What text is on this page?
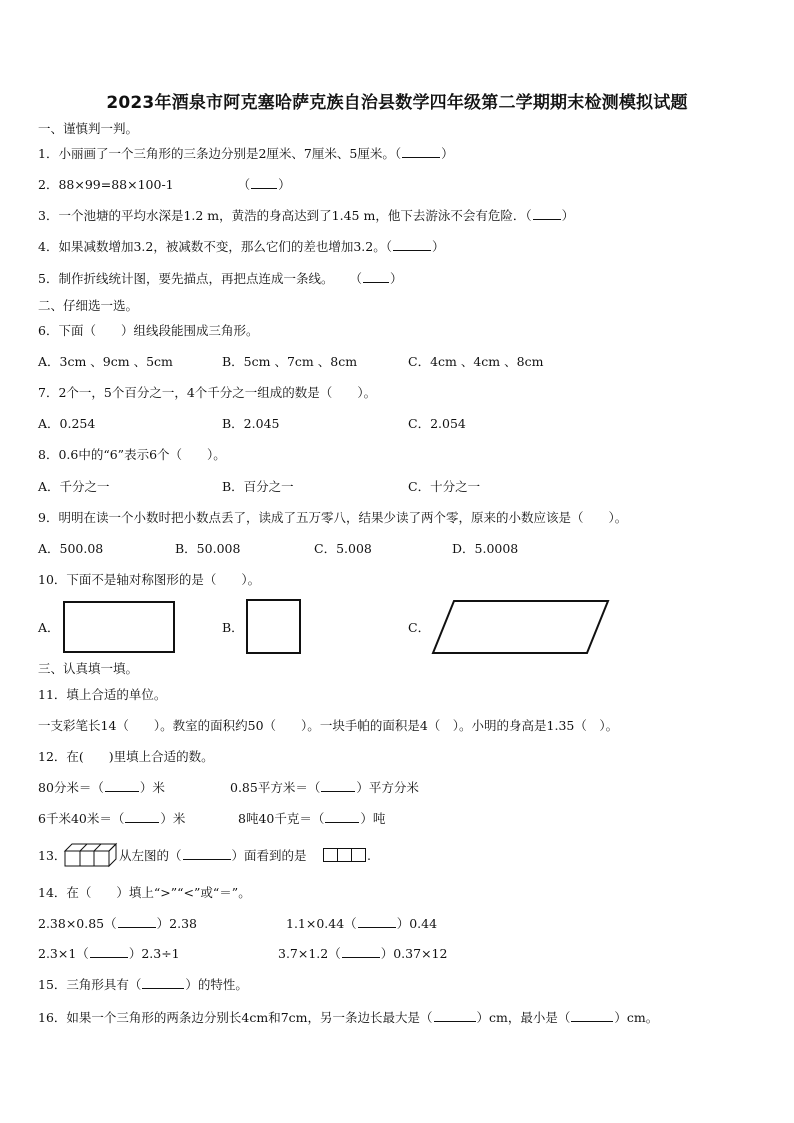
2023年酒泉市阿克塞哈萨克族自治县数学四年级第二学期期末检测模拟试题
一、谨慎判一判。
1．小丽画了一个三角形的三条边分别是2厘米、7厘米、5厘米。（	）
2．88×99=88×100-1	（ ）
3．一个池塘的平均水深是1.2 m，黄浩的身高达到了1.45 m，他下去游泳不会有危险．（ ）
4．如果减数增加3.2，被减数不变，那么它们的差也增加3.2。（	）
5．制作折线统计图，要先描点，再把点连成一条线。 （ ）
二、仔细选一选。
6．下面（　　）组线段能围成三角形。
A．3cm 、9cm 、5cm	B．5cm 、7cm 、8cm	C．4cm 、4cm 、8cm
7．2个一，5个百分之一，4个千分之一组成的数是（　　）。
A．0.254	B．2.045	C．2.054
8．0.6中的“6”表示6个（　　）。
A．千分之一	B．百分之一	C．十分之一
9．明明在读一个小数时把小数点丢了，读成了五万零八，结果少读了两个零，原来的小数应该是（　　）。
A．500.08	B．50.008	C．5.008	D．5.0008
10．下面不是轴对称图形的是（　　）。
A．	B．	C．
三、认真填一填。
11．填上合适的单位。
一支彩笔长14（　　）。教室的面积约50（　　）。一块手帕的面积是4（　）。小明的身高是1.35（　）。
12．在(　　)里填上合适的数。
80分米＝（	）米	0.85平方米＝（	）平方分米
6千米40米＝（	）米	8吨40千克＝（	）吨
13．	从左图的（	）面看到的是	.
14．在（　　）填上“>”“<”或“＝”。
2.38×0.85（	）2.38	1.1×0.44（	）0.44
2.3×1（	）2.3÷1	3.7×1.2（	）0.37×12
15．三角形具有（	）的特性。
16．如果一个三角形的两条边分别长4cm和7cm，另一条边长最大是（	）cm，最小是（	）cm。
